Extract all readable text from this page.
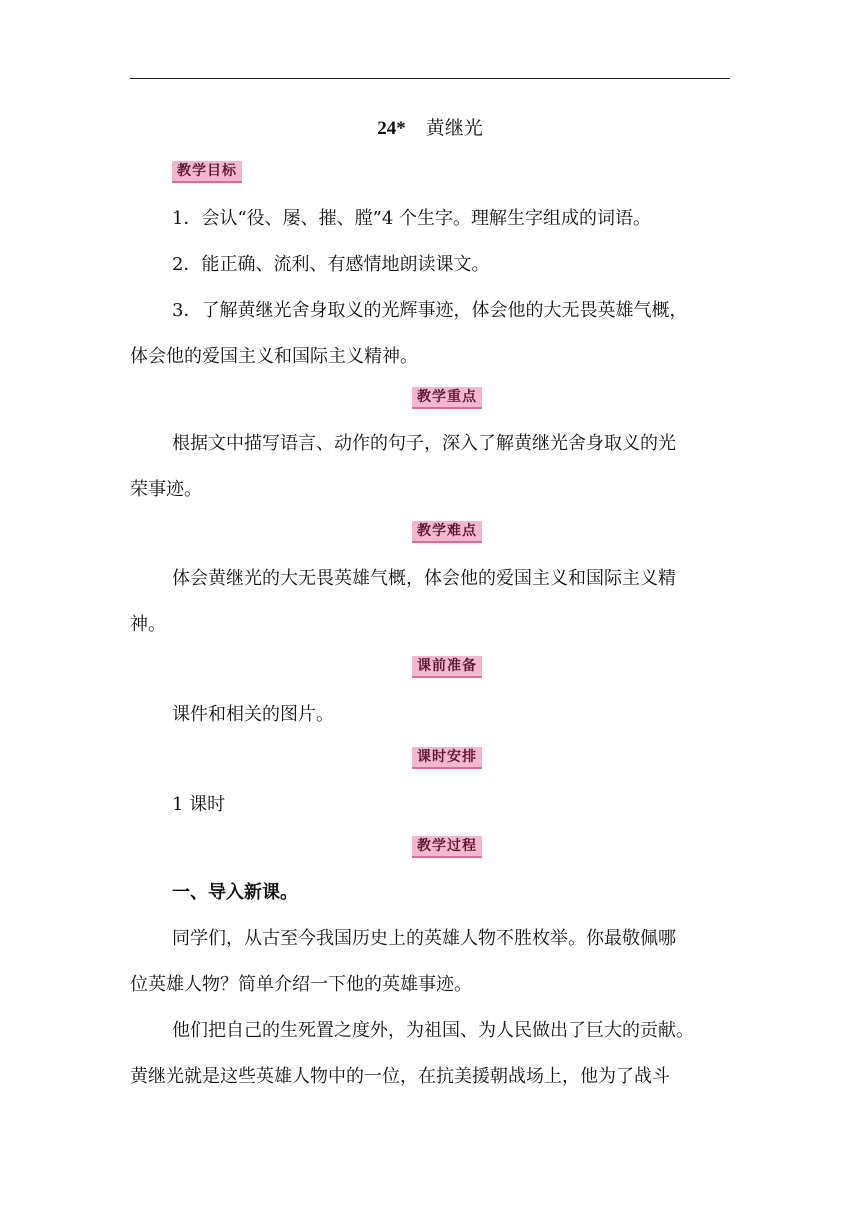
24* 黄继光
教学目标
1．会认“役、屡、摧、膛”4 个生字。理解生字组成的词语。
2．能正确、流利、有感情地朗读课文。
3．了解黄继光舍身取义的光辉事迹，体会他的大无畏英雄气概，
体会他的爱国主义和国际主义精神。
教学重点
根据文中描写语言、动作的句子，深入了解黄继光舍身取义的光
荣事迹。
教学难点
体会黄继光的大无畏英雄气概，体会他的爱国主义和国际主义精
神。
课前准备
课件和相关的图片。
课时安排
1 课时
教学过程
一、导入新课。
同学们，从古至今我国历史上的英雄人物不胜枚举。你最敬佩哪
位英雄人物？简单介绍一下他的英雄事迹。
他们把自己的生死置之度外，为祖国、为人民做出了巨大的贡献。
黄继光就是这些英雄人物中的一位，在抗美援朝战场上，他为了战斗
